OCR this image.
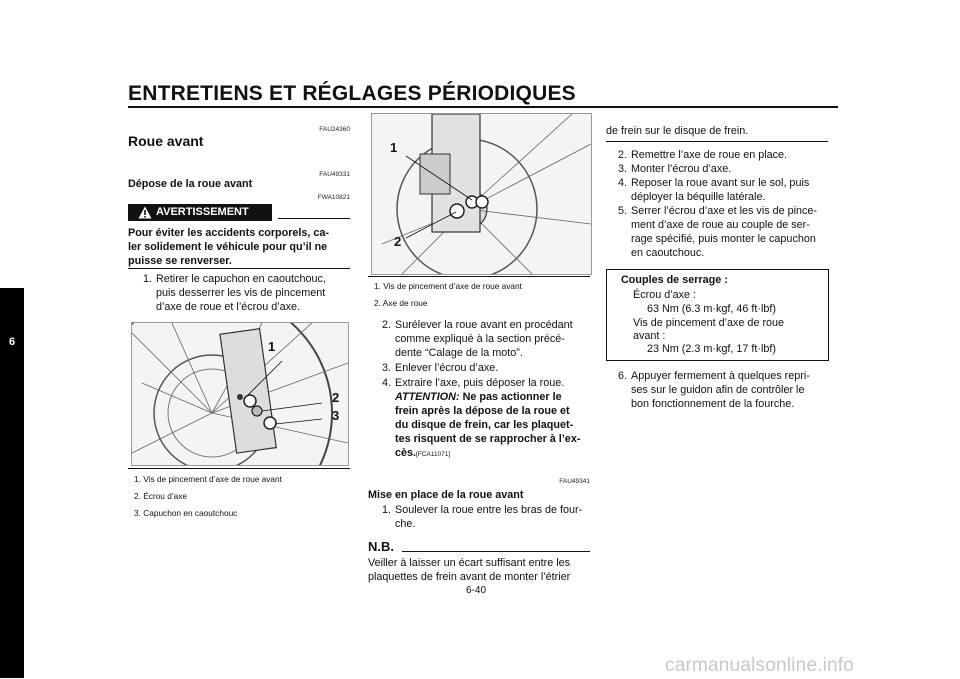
ENTRETIENS ET RÉGLAGES PÉRIODIQUES
6
FAU24360
Roue avant
FAU49331
Dépose de la roue avant
FWA10821
AVERTISSEMENT
Pour éviter les accidents corporels, ca-
ler solidement le véhicule pour qu’il ne
puisse se renverser.
1. Retirer le capuchon en caoutchouc,
puis desserrer les vis de pincement
d’axe de roue et l’écrou d’axe.
1
2
3
1. Vis de pincement d’axe de roue avant
2. Écrou d’axe
3. Capuchon en caoutchouc
1
2
1. Vis de pincement d’axe de roue avant
2. Axe de roue
2. Surélever la roue avant en procédant
comme expliqué à la section précé-
dente “Calage de la moto”.
3. Enlever l’écrou d’axe.
4. Extraire l’axe, puis déposer la roue.
ATTENTION: Ne pas actionner le
frein après la dépose de la roue et
du disque de frein, car les plaquet-
tes risquent de se rapprocher à l’ex-
cès.[FCA11071]
FAU49341
Mise en place de la roue avant
1. Soulever la roue entre les bras de four-
che.
N.B.
Veiller à laisser un écart suffisant entre les
plaquettes de frein avant de monter l’étrier
6-40
de frein sur le disque de frein.
2. Remettre l’axe de roue en place.
3. Monter l’écrou d’axe.
4. Reposer la roue avant sur le sol, puis
déployer la béquille latérale.
5. Serrer l’écrou d’axe et les vis de pince-
ment d’axe de roue au couple de ser-
rage spécifié, puis monter le capuchon
en caoutchouc.
Couples de serrage :
Écrou d’axe :
63 Nm (6.3 m·kgf, 46 ft·lbf)
Vis de pincement d’axe de roue
avant :
23 Nm (2.3 m·kgf, 17 ft·lbf)
6. Appuyer fermement à quelques repri-
ses sur le guidon afin de contrôler le
bon fonctionnement de la fourche.
carmanualsonline.info
